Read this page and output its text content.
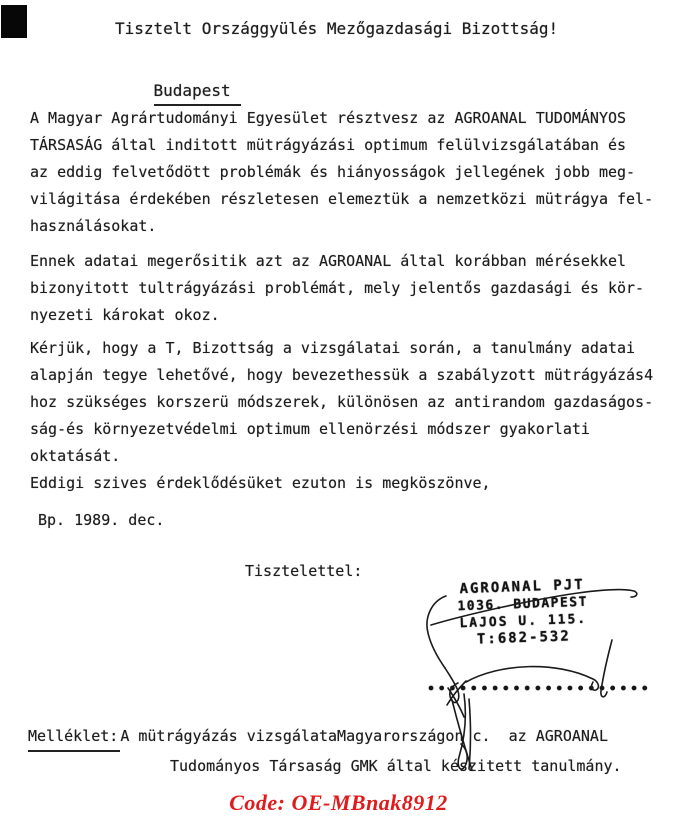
Tisztelt Országgyülés Mezőgazdasági Bizottság!

Budapest

A Magyar Agrártudományi Egyesület résztvesz az AGROANAL TUDOMÁNYOS
TÁRSASÁG által inditott mütrágyázási optimum felülvizsgálatában és
az eddig felvetődött problémák és hiányosságok jellegének jobb meg-
világitása érdekében részletesen elemeztük a nemzetközi mütrágya fel-
használásokat.
Ennek adatai megerősitik azt az AGROANAL által korábban mérésekkel
bizonyitott tultrágyázási problémát, mely jelentős gazdasági és kör-
nyezeti károkat okoz.
Kérjük, hogy a T, Bizottság a vizsgálatai során, a tanulmány adatai
alapján tegye lehetővé, hogy bevezethessük a szabályzott mütrágyázás4
hoz szükséges korszerü módszerek, különösen az antirandom gazdaságos-
ság-és környezetvédelmi optimum ellenörzési módszer gyakorlati
oktatását.
Eddigi szives érdeklődésüket ezuton is megköszönve,
Bp. 1989. dec.
Tisztelettel:
AGROANAL PJT
1036. BUDAPEST
LAJOS U. 115.
T:682-532
Melléklet: A mütrágyázás vizsgálataMagyarországon c.  az AGROANAL
Tudományos Társaság GMK által készitett tanulmány.
Code: OE-MBnak8912
